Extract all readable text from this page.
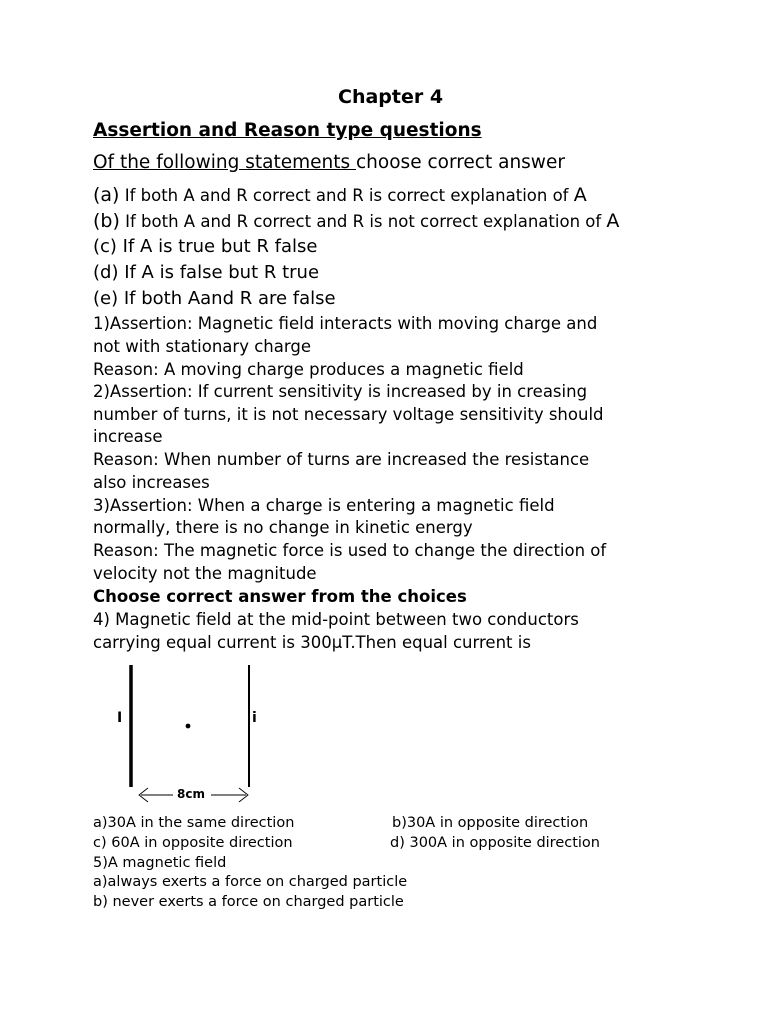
Chapter 4
Assertion and Reason type questions
Of the following statements choose correct answer
(a) If both A and R correct and R is correct explanation of A
(b) If both A and R correct and R is not correct explanation of A
(c) If A is true but R false
(d) If A is false but R true
(e) If both Aand R are false
1)Assertion: Magnetic field interacts with moving charge and
not with stationary charge
Reason: A moving charge produces a magnetic field
2)Assertion: If current sensitivity is increased by in creasing
number of turns, it is not necessary voltage sensitivity should
increase
Reason: When number of turns are increased the resistance
also increases
3)Assertion: When a charge is entering a magnetic field
normally, there is no change in kinetic energy
Reason: The magnetic force is used to change the direction of
velocity not the magnitude
Choose correct answer from the choices
4) Magnetic field at the mid-point between two conductors
carrying equal current is 300µT.Then equal current is
I	i
8cm
a)30A in the same direction	b)30A in opposite direction
c) 60A in opposite direction	d) 300A in opposite direction
5)A magnetic field
a)always exerts a force on charged particle
b) never exerts a force on charged particle
